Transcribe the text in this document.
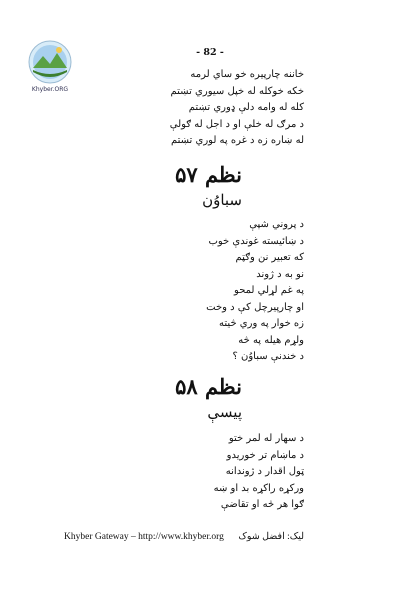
Khyber.ORG
- 82 -
خاننه چارپیره خو ساي لرمه
خکه خوکله له خپل سیوري تښتم
کله له وامه دلې ډوري تښتم
د مرګ له خلې او د اجل له ګولې
له ښاره زه د غره په لوري تښتم
نظم ۵۷
سباوُن
د پروني شپې
د ښائیسته غوندې خوب
که تعبیر نن وګټم
نو به د ژوند
په غم لړلي لمحو
او چارپیرچل کې د وخت
زه خوار په وري څیته
ولړم هیله په څه
د خندنې سباوُن ؟
نظم ۵۸
پیسې
د سهار له لمر ختو
د ماښام تر خوریدو
ټول اقدار د ژوندانه
ورکړه راکړه بد او ښه
ګوا هر څه او تقاضې
Khyber Gateway – http://www.khyber.org لیک: افضل شوک
